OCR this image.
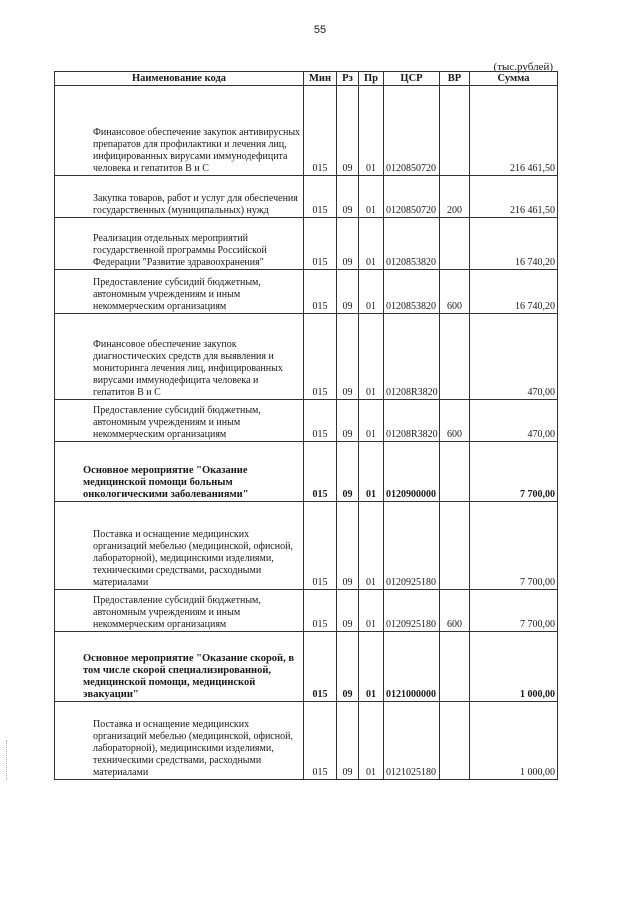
55
(тыс.рублей)
Наименование кода	Мин	Рз	Пр	ЦСР	ВР	Сумма

Финансовое обеспечение закупок антивирусных препаратов для профилактики и лечения лиц, инфицированных вирусами иммунодефицита человека и гепатитов В и С	015	09	01	0120850720		216 461,50

Закупка товаров, работ и услуг для обеспечения государственных (муниципальных) нужд	015	09	01	0120850720	200	216 461,50

Реализация отдельных мероприятий государственной программы Российской Федерации "Развитие здравоохранения"	015	09	01	0120853820		16 740,20

Предоставление субсидий бюджетным, автономным учреждениям и иным некоммерческим организациям	015	09	01	0120853820	600	16 740,20

Финансовое обеспечение закупок диагностических средств для выявления и мониторинга лечения лиц, инфицированных вирусами иммунодефицита человека и гепатитов В и С	015	09	01	01208R3820		470,00

Предоставление субсидий бюджетным, автономным учреждениям и иным некоммерческим организациям	015	09	01	01208R3820	600	470,00

Основное мероприятие "Оказание медицинской помощи больным онкологическими заболеваниями"	015	09	01	0120900000		7 700,00

Поставка и оснащение медицинских организаций мебелью (медицинской, офисной, лабораторной), медицинскими изделиями, техническими средствами, расходными материалами	015	09	01	0120925180		7 700,00

Предоставление субсидий бюджетным, автономным учреждениям и иным некоммерческим организациям	015	09	01	0120925180	600	7 700,00

Основное мероприятие "Оказание скорой, в том числе скорой специализированной, медицинской помощи, медицинской эвакуации"	015	09	01	0121000000		1 000,00

Поставка и оснащение медицинских организаций мебелью (медицинской, офисной, лабораторной), медицинскими изделиями, техническими средствами, расходными материалами	015	09	01	0121025180		1 000,00
